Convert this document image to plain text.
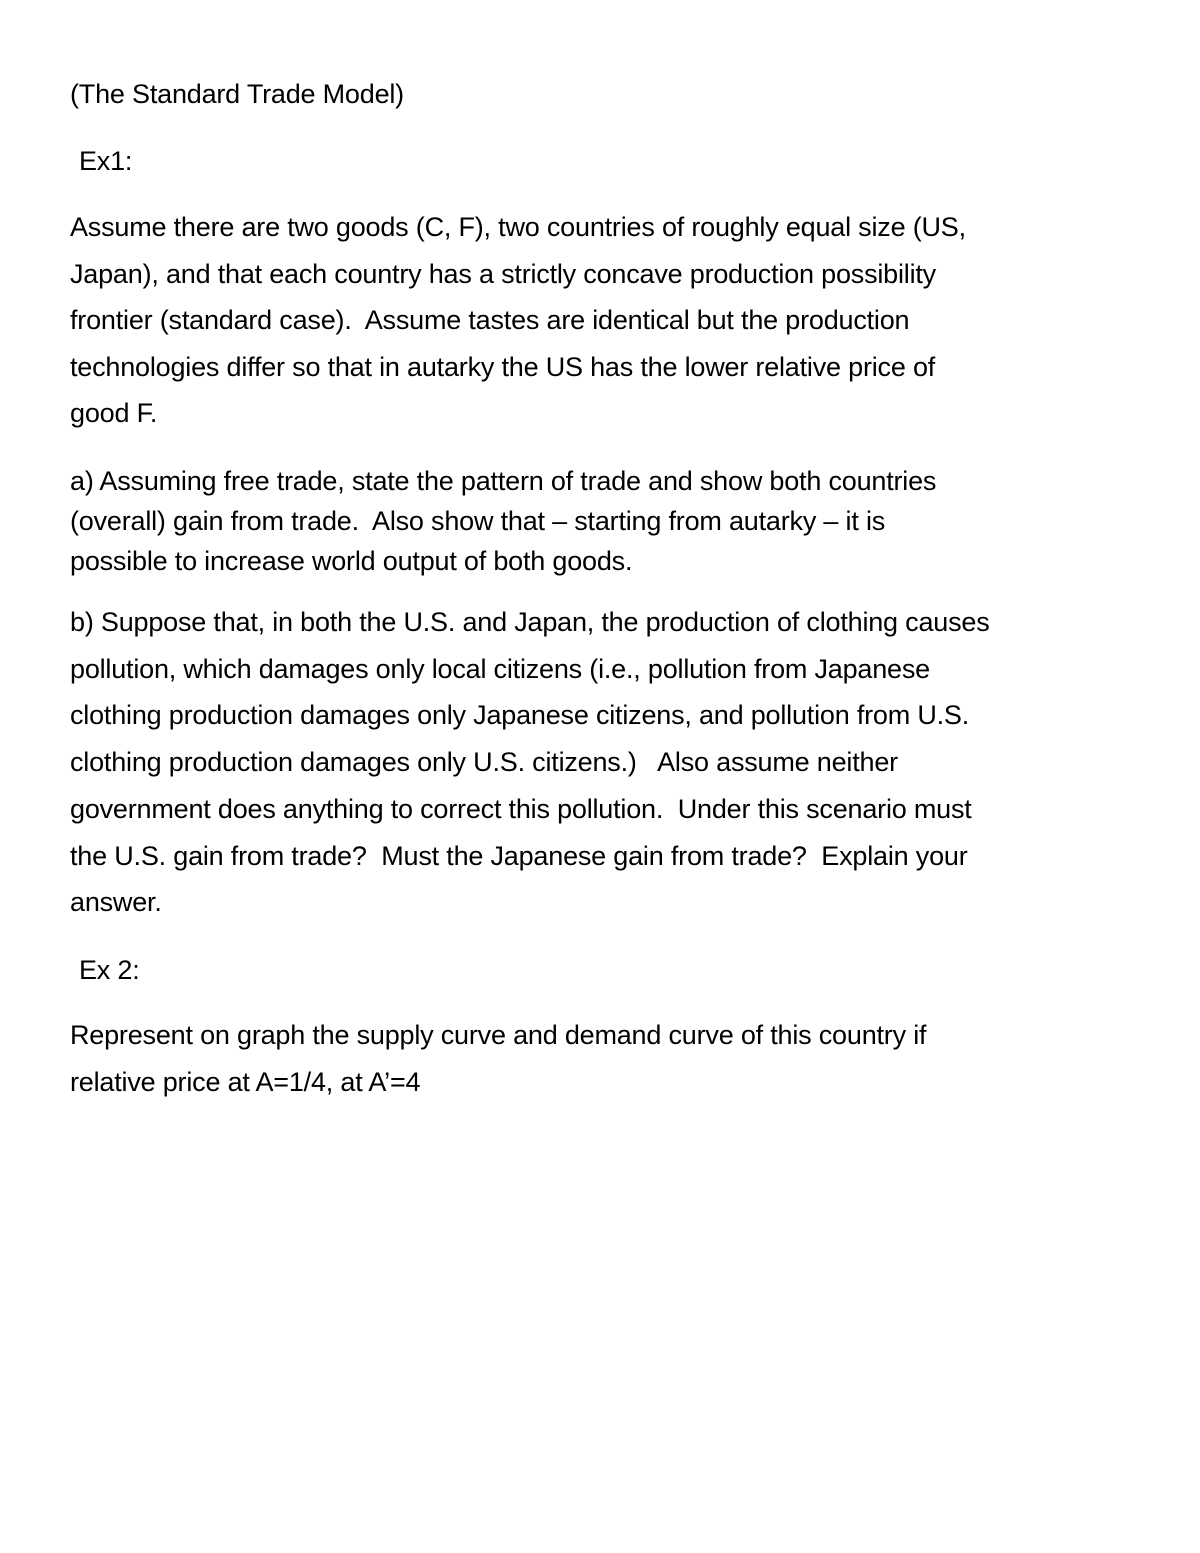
(The Standard Trade Model)
Ex1:
Assume there are two goods (C, F), two countries of roughly equal size (US,
Japan), and that each country has a strictly concave production possibility
frontier (standard case).  Assume tastes are identical but the production
technologies differ so that in autarky the US has the lower relative price of
good F.
a) Assuming free trade, state the pattern of trade and show both countries
(overall) gain from trade.  Also show that – starting from autarky – it is
possible to increase world output of both goods.
b) Suppose that, in both the U.S. and Japan, the production of clothing causes
pollution, which damages only local citizens (i.e., pollution from Japanese
clothing production damages only Japanese citizens, and pollution from U.S.
clothing production damages only U.S. citizens.)   Also assume neither
government does anything to correct this pollution.  Under this scenario must
the U.S. gain from trade?  Must the Japanese gain from trade?  Explain your
answer.
Ex 2:
Represent on graph the supply curve and demand curve of this country if
relative price at A=1/4, at A’=4
